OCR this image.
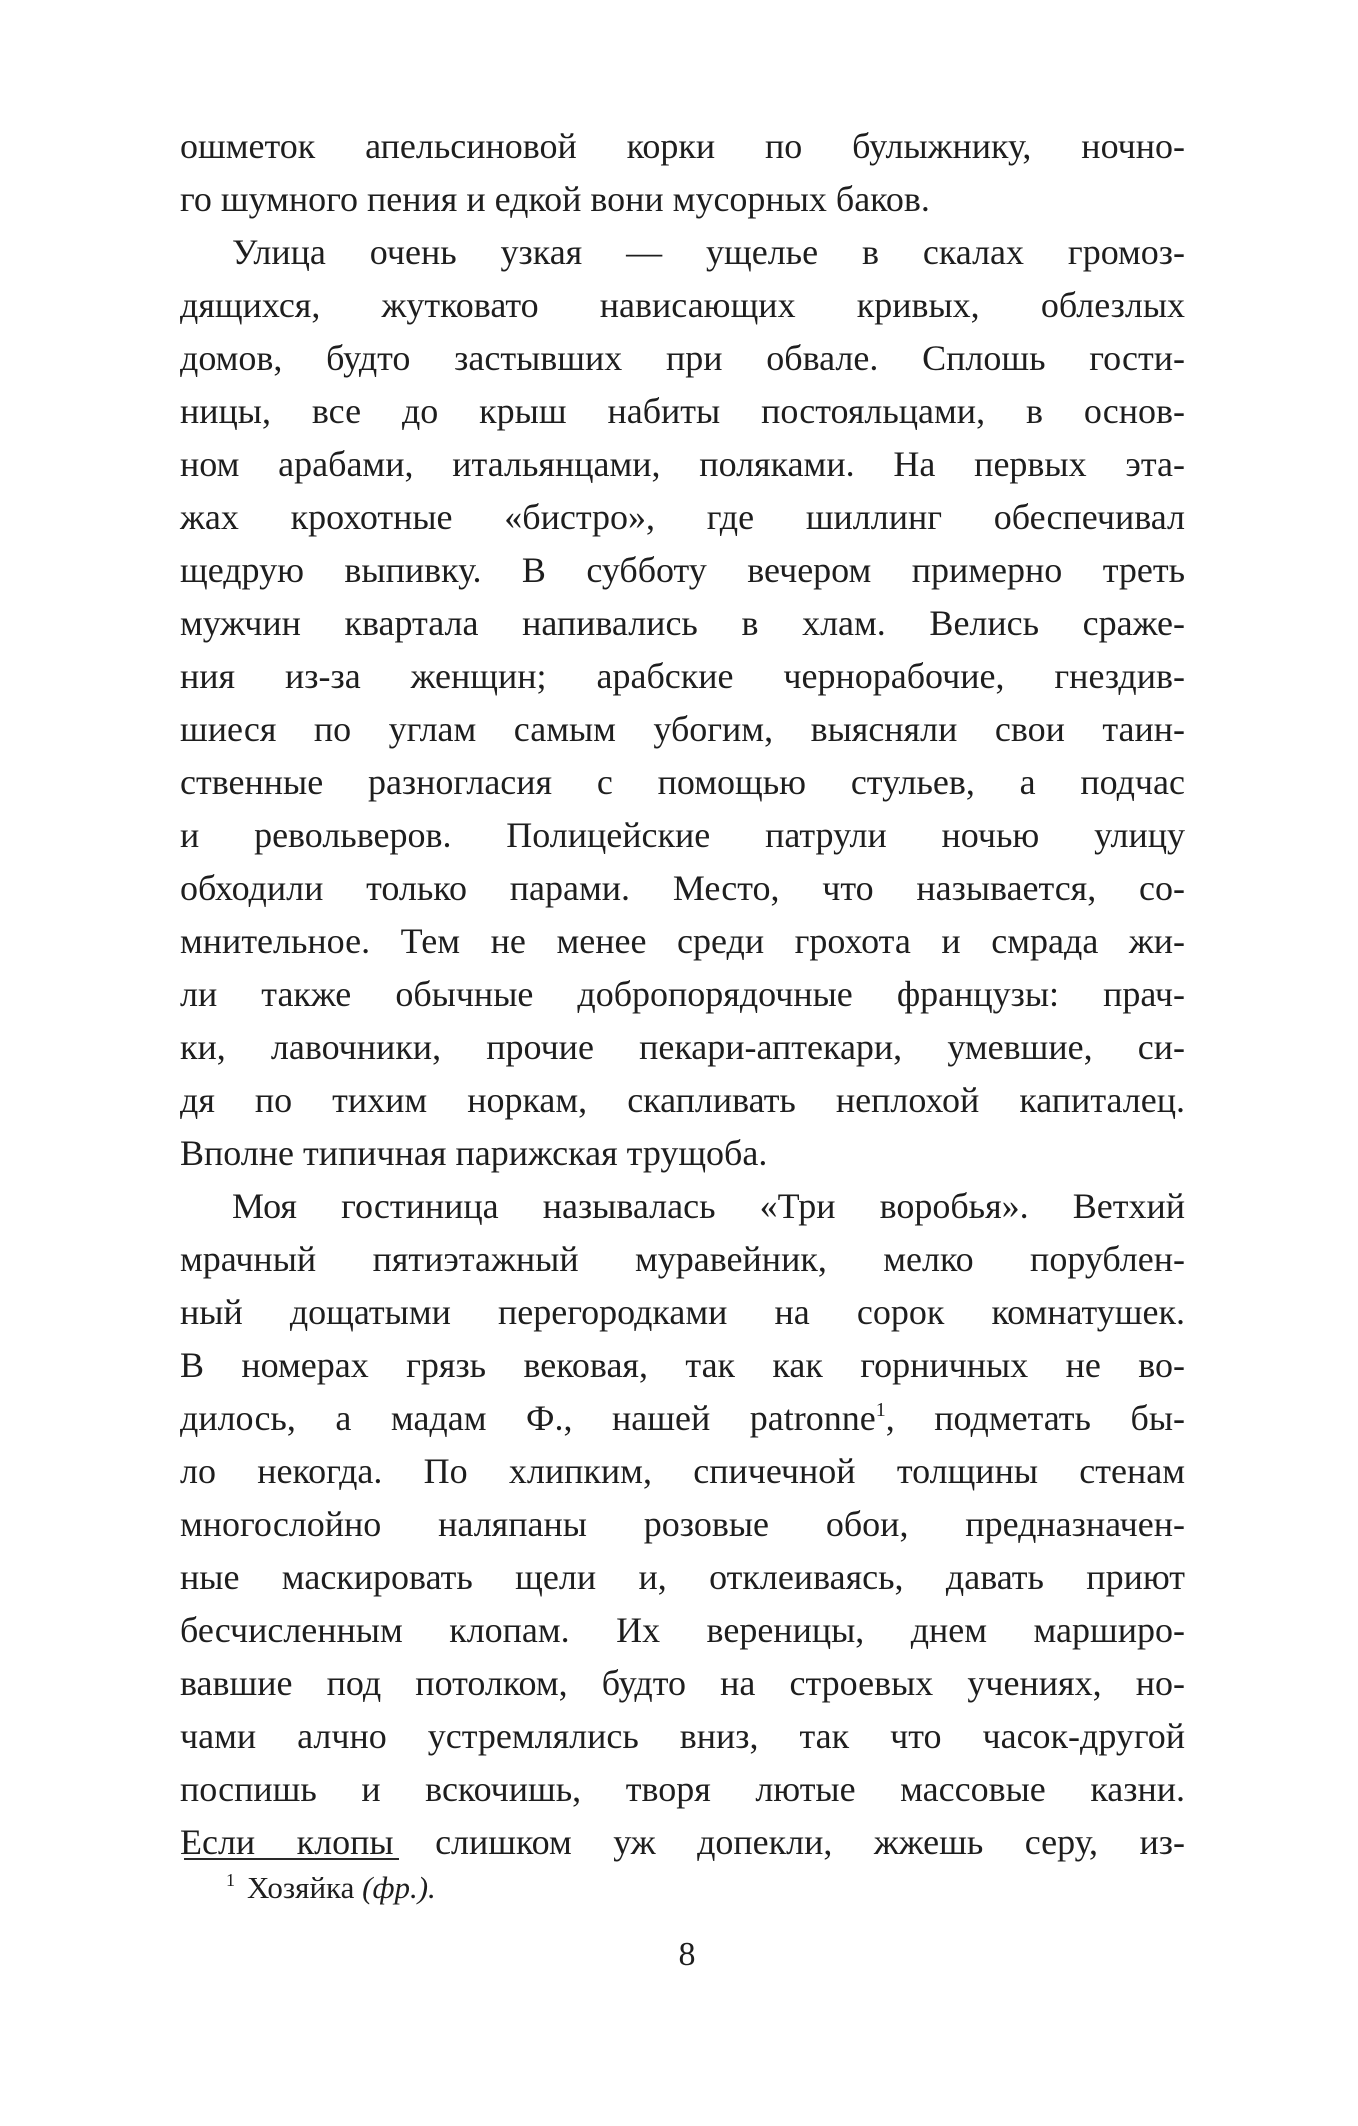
ошметок апельсиновой корки по булыжнику, ночно-
го шумного пения и едкой вони мусорных баков.
Улица очень узкая — ущелье в скалах громоз-
дящихся, жутковато нависающих кривых, облезлых
домов, будто застывших при обвале. Сплошь гости-
ницы, все до крыш набиты постояльцами, в основ-
ном арабами, итальянцами, поляками. На первых эта-
жах крохотные «бистро», где шиллинг обеспечивал
щедрую выпивку. В субботу вечером примерно треть
мужчин квартала напивались в хлам. Велись сраже-
ния из-за женщин; арабские чернорабочие, гнездив-
шиеся по углам самым убогим, выясняли свои таин-
ственные разногласия с помощью стульев, а подчас
и револьверов. Полицейские патрули ночью улицу
обходили только парами. Место, что называется, со-
мнительное. Тем не менее среди грохота и смрада жи-
ли также обычные добропорядочные французы: прач-
ки, лавочники, прочие пекари-аптекари, умевшие, си-
дя по тихим норкам, скапливать неплохой капиталец.
Вполне типичная парижская трущоба.
Моя гостиница называлась «Три воробья». Ветхий
мрачный пятиэтажный муравейник, мелко порублен-
ный дощатыми перегородками на сорок комнатушек.
В номерах грязь вековая, так как горничных не во-
дилось, а мадам Ф., нашей patronne$^1$, подметать бы-
ло некогда. По хлипким, спичечной толщины стенам
многослойно наляпаны розовые обои, предназначен-
ные маскировать щели и, отклеиваясь, давать приют
бесчисленным клопам. Их вереницы, днем марширо-
вавшие под потолком, будто на строевых учениях, но-
чами алчно устремлялись вниз, так что часок-другой
поспишь и вскочишь, творя лютые массовые казни.
Если клопы слишком уж допекли, жжешь серу, из-
$^1$ Хозяйка (фр.).
8
